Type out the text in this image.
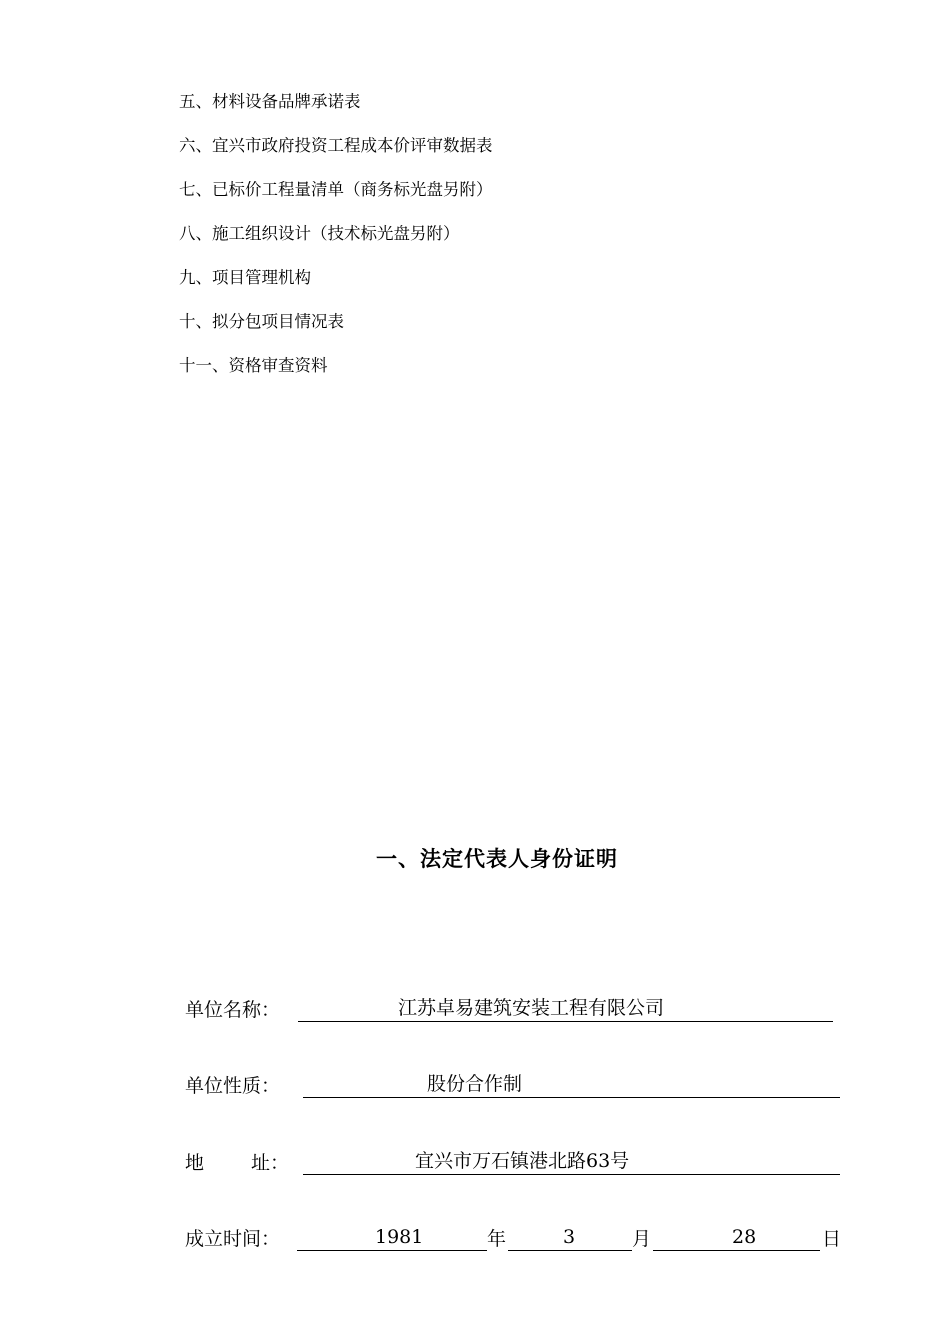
五、材料设备品牌承诺表
六、宜兴市政府投资工程成本价评审数据表
七、已标价工程量清单（商务标光盘另附）
八、施工组织设计（技术标光盘另附）
九、项目管理机构
十、拟分包项目情况表
十一、资格审查资料
一、法定代表人身份证明
单位名称：	江苏卓易建筑安装工程有限公司
单位性质：	股份合作制
地 址：	宜兴市万石镇港北路63号
成立时间：	1981	年	3	月	28	日
